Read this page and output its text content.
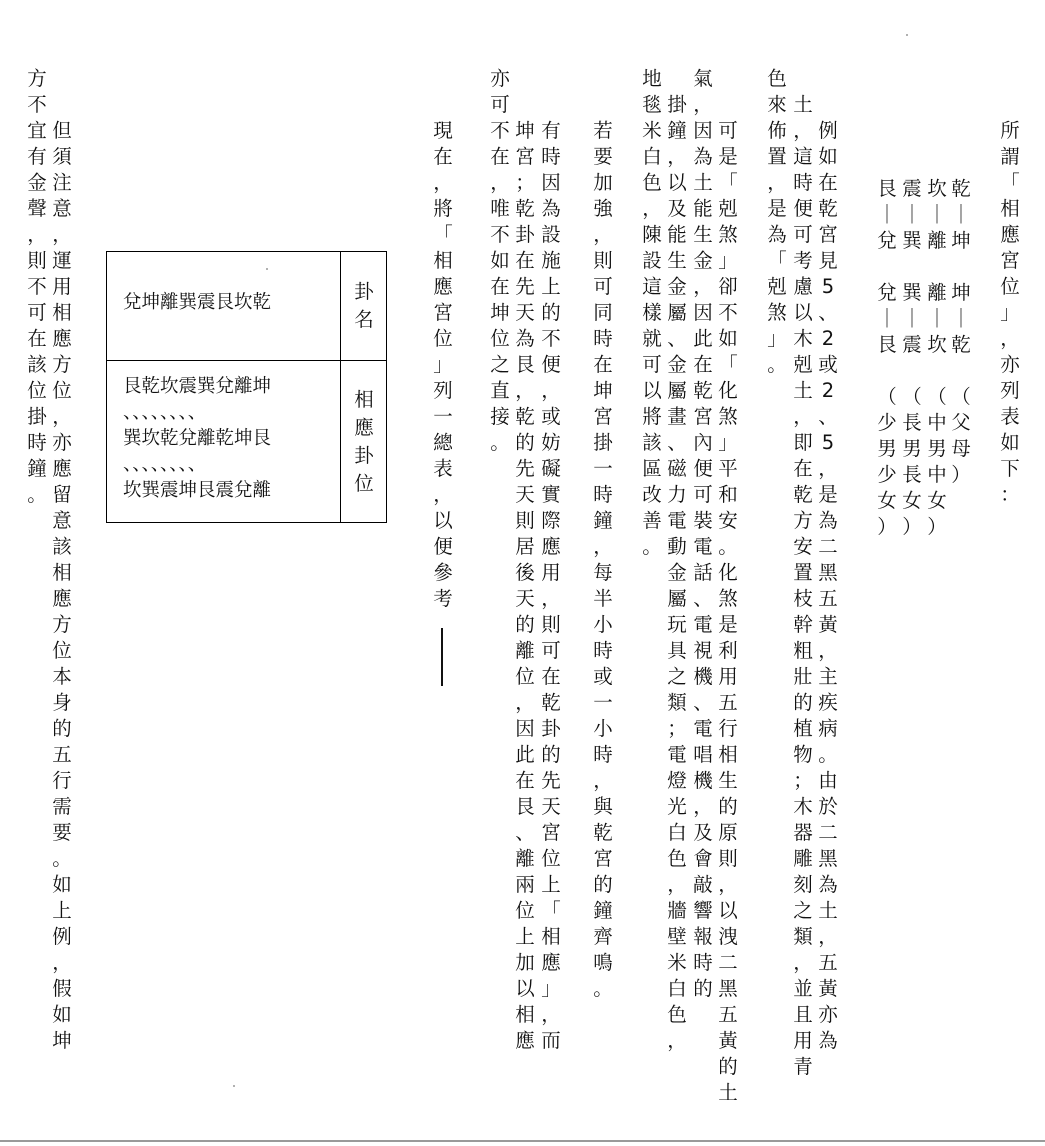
所
謂
「
相
應
宮
位
」
，
亦
列
表
如
下
：
乾
｜
坤

坤
｜
乾

（
父
母
）
坎
｜
離

離
｜
坎

（
中
男
中
女
）
震
｜
巽

巽
｜
震

（
長
男
長
女
）
艮
｜
兌

兌
｜
艮

（
少
男
少
女
）
例
如
在
乾
宮
見
5
、
2
或
2
、
5
，
是
為
二
黑
五
黃
，
主
疾
病
。
由
於
二
黑
為
土
，
五
黃
亦
為
土
，
這
時
便
可
考
慮
以
木
剋
土
，
即
在
乾
方
安
置
枝
幹
粗
壯
的
植
物
；
木
器
雕
刻
之
類
，
並
且
用
青
色
來
佈
置
，
是
為
「
剋
煞
」
。
可
是
「
剋
煞
」
卻
不
如
「
化
煞
」
平
和
安
。
化
煞
是
利
用
五
行
相
生
的
原
則
，
以
洩
二
黑
五
黃
的
土
氣
，
因
為
土
能
生
金
，
因
此
在
乾
宮
內
便
可
裝
電
話
、
電
視
機
、
電
唱
機
，
及
會
敲
響
報
時
的
掛
鐘
，
以
及
能
生
金
屬
、
金
屬
畫
、
磁
力
電
動
金
屬
玩
具
之
類
；
電
燈
光
白
色
，
牆
壁
米
白
色
，
地
毯
米
白
色
，
陳
設
這
樣
就
可
以
將
該
區
改
善
。
若
要
加
強
，
則
可
同
時
在
坤
宮
掛
一
時
鐘
，
每
半
小
時
或
一
小
時
，
與
乾
宮
的
鐘
齊
鳴
。
有
時
因
為
設
施
上
的
不
便
，
或
妨
礙
實
際
應
用
，
則
可
在
乾
卦
的
先
天
宮
位
上
「
相
應
」
，
而
坤
宮
；
乾
卦
在
先
天
為
艮
，
乾
的
先
天
則
居
後
天
的
離
位
，
因
此
在
艮
、
離
兩
位
上
加
以
相
應
亦
可
不
在
，
唯
不
如
在
坤
位
之
直
接
。
現
在
，
將
「
相
應
宮
位
」
列
一
總
表
，
以
便
參
考
卦
名
相
應
卦
位
乾坎艮震巽離坤兌
坤離兌巽震坎乾艮
、、、、、、、、
艮坤乾離兌乾坎巽
、、、、、、、、
離兌震艮坤震巽坎
但
須
注
意
，
運
用
相
應
方
位
，
亦
應
留
意
該
相
應
方
位
本
身
的
五
行
需
要
。
如
上
例
，
假
如
坤
宜
有
金
聲
，
則
不
可
在
該
位
掛
時
鐘
。
方
不
